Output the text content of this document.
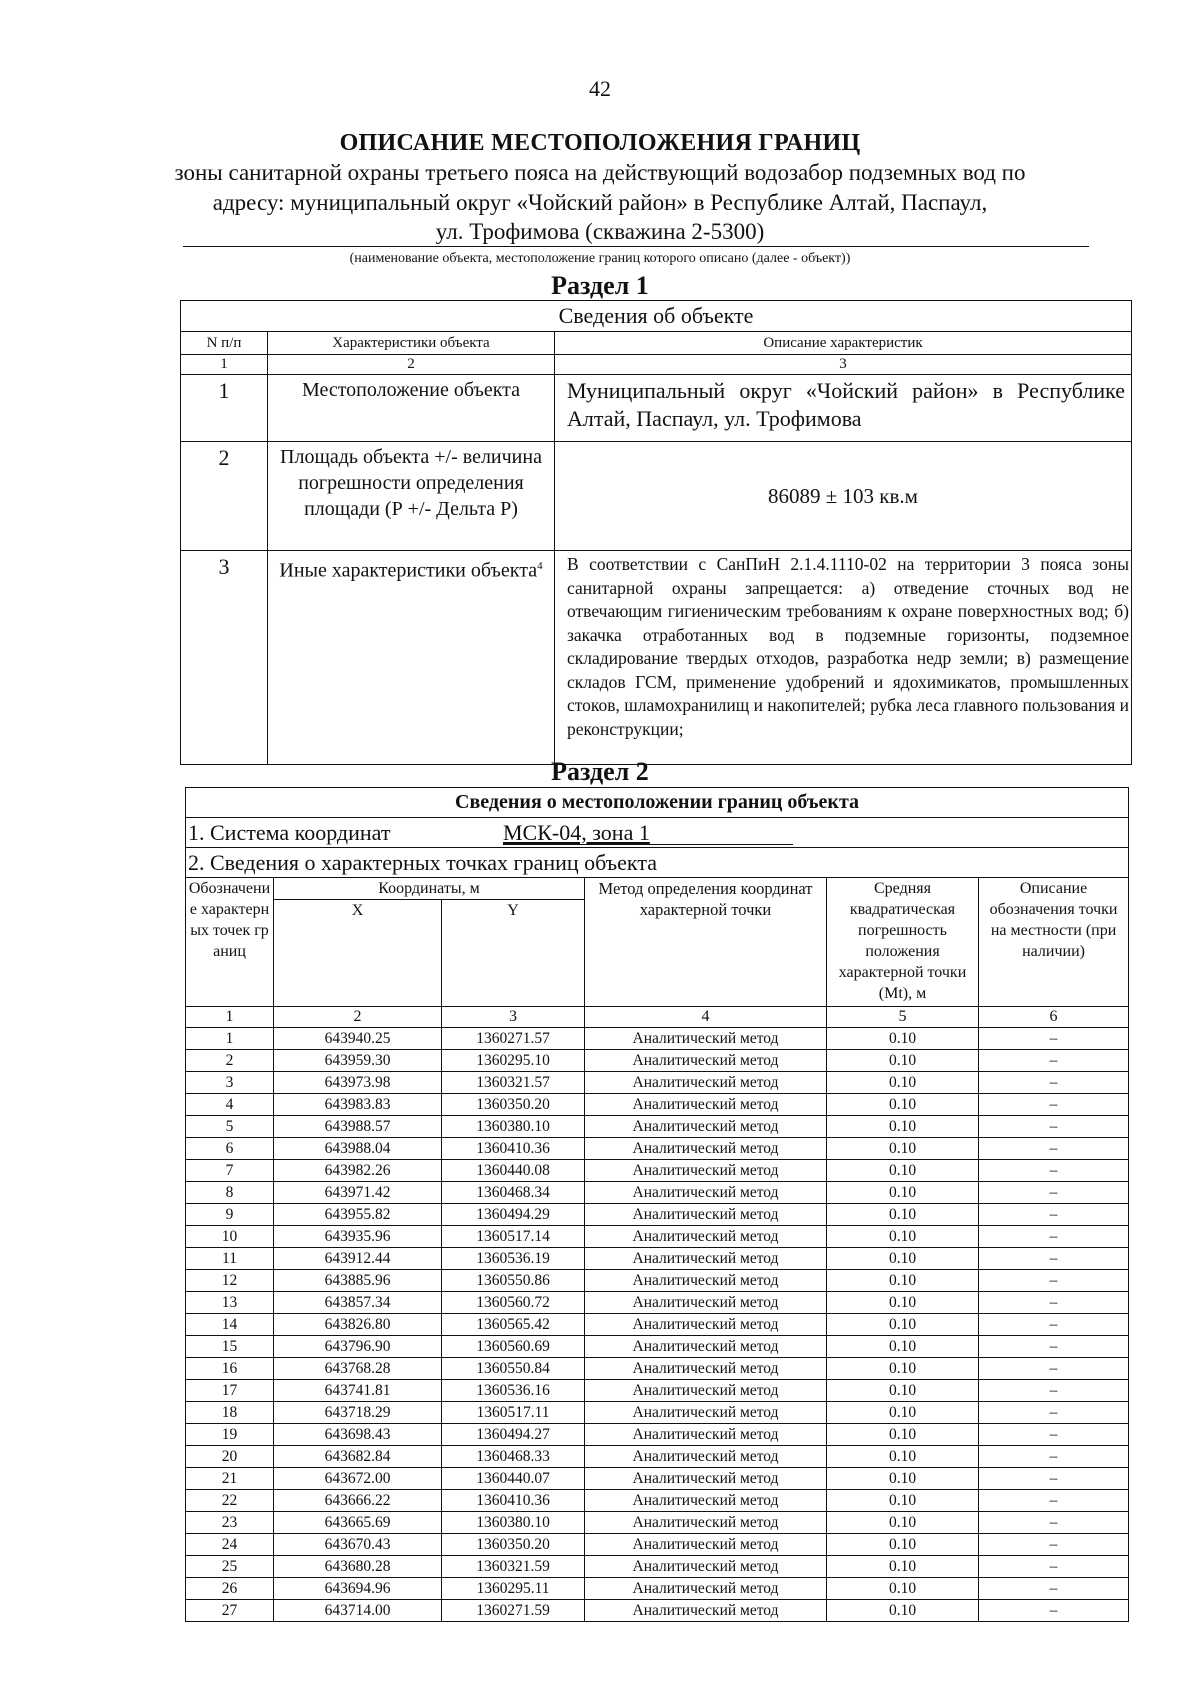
42
ОПИСАНИЕ МЕСТОПОЛОЖЕНИЯ ГРАНИЦ
зоны санитарной охраны третьего пояса на действующий водозабор подземных вод по
адресу: муниципальный округ «Чойский район» в Республике Алтай, Паспаул,
ул. Трофимова (скважина 2-5300)
(наименование объекта, местоположение границ которого описано (далее - объект))
Раздел 1
Сведения об объекте		
N п/п	Характеристики объекта	Описание характеристик
1	2	3
1	Местоположение объекта	Муниципальный округ «Чойский район» в Республике Алтай, Паспаул, ул. Трофимова
2	Площадь объекта +/- величина погрешности определения площади (Р +/- Дельта Р)	86089 ± 103 кв.м
3	Иные характеристики объекта$^4$	В соответствии с СанПиН 2.1.4.1110-02 на территории 3 пояса зоны санитарной охраны запрещается: а) отведение сточных вод не отвечающим гигиеническим требованиям к охране поверхностных вод; б) закачка отработанных вод в подземные горизонты, подземное складирование твердых отходов, разработка недр земли; в) размещение складов ГСМ, применение удобрений и ядохимикатов, промышленных стоков, шламохранилищ и накопителей; рубка леса главного пользования и реконструкции;
Раздел 2
Сведения о местоположении границ объекта					
1. Система координат МСК-04, зона 1					
2. Сведения о характерных точках границ объекта					
Обозначение характерных точек границ	Координаты, м		Метод определения координат характерной точки	Средняя квадратическая погрешность положения характерной точки (Mt), м	Описание обозначения точки на местности (при наличии)
	X	Y			
1	2	3	4	5	6
1	643940.25	1360271.57	Аналитический метод	0.10	–
2	643959.30	1360295.10	Аналитический метод	0.10	–
3	643973.98	1360321.57	Аналитический метод	0.10	–
4	643983.83	1360350.20	Аналитический метод	0.10	–
5	643988.57	1360380.10	Аналитический метод	0.10	–
6	643988.04	1360410.36	Аналитический метод	0.10	–
7	643982.26	1360440.08	Аналитический метод	0.10	–
8	643971.42	1360468.34	Аналитический метод	0.10	–
9	643955.82	1360494.29	Аналитический метод	0.10	–
10	643935.96	1360517.14	Аналитический метод	0.10	–
11	643912.44	1360536.19	Аналитический метод	0.10	–
12	643885.96	1360550.86	Аналитический метод	0.10	–
13	643857.34	1360560.72	Аналитический метод	0.10	–
14	643826.80	1360565.42	Аналитический метод	0.10	–
15	643796.90	1360560.69	Аналитический метод	0.10	–
16	643768.28	1360550.84	Аналитический метод	0.10	–
17	643741.81	1360536.16	Аналитический метод	0.10	–
18	643718.29	1360517.11	Аналитический метод	0.10	–
19	643698.43	1360494.27	Аналитический метод	0.10	–
20	643682.84	1360468.33	Аналитический метод	0.10	–
21	643672.00	1360440.07	Аналитический метод	0.10	–
22	643666.22	1360410.36	Аналитический метод	0.10	–
23	643665.69	1360380.10	Аналитический метод	0.10	–
24	643670.43	1360350.20	Аналитический метод	0.10	–
25	643680.28	1360321.59	Аналитический метод	0.10	–
26	643694.96	1360295.11	Аналитический метод	0.10	–
27	643714.00	1360271.59	Аналитический метод	0.10	–
